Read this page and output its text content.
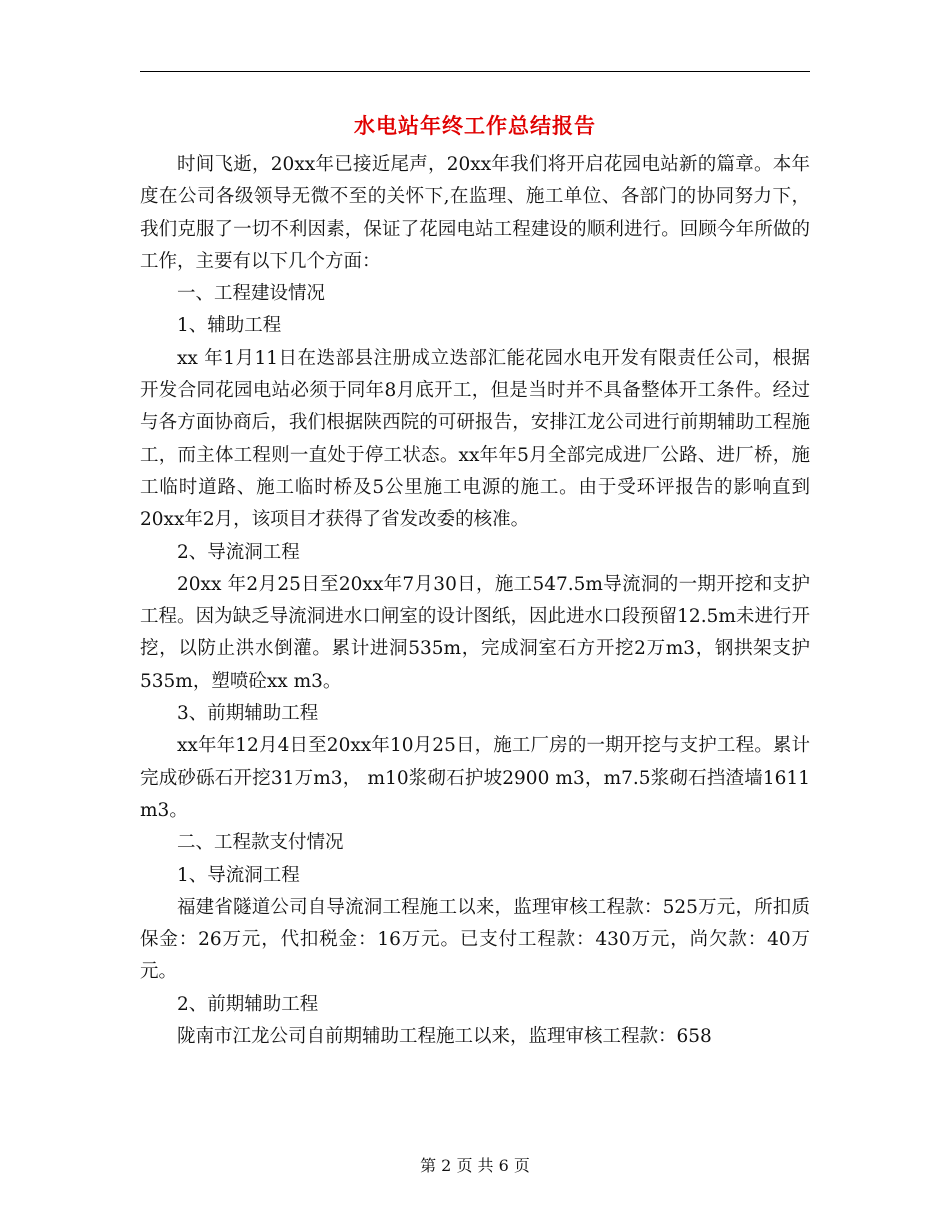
水电站年终工作总结报告

时间飞逝，20xx年已接近尾声，20xx年我们将开启花园电站新的篇章。本年度在公司各级领导无微不至的关怀下,在监理、施工单位、各部门的协同努力下，我们克服了一切不利因素，保证了花园电站工程建设的顺利进行。回顾今年所做的工作，主要有以下几个方面：

一、工程建设情况

1、辅助工程

xx 年1月11日在迭部县注册成立迭部汇能花园水电开发有限责任公司，根据开发合同花园电站必须于同年8月底开工，但是当时并不具备整体开工条件。经过与各方面协商后，我们根据陕西院的可研报告，安排江龙公司进行前期辅助工程施工，而主体工程则一直处于停工状态。xx年年5月全部完成进厂公路、进厂桥，施工临时道路、施工临时桥及5公里施工电源的施工。由于受环评报告的影响直到20xx年2月，该项目才获得了省发改委的核准。

2、导流洞工程

20xx 年2月25日至20xx年7月30日，施工547.5m导流洞的一期开挖和支护工程。因为缺乏导流洞进水口闸室的设计图纸，因此进水口段预留12.5m未进行开挖，以防止洪水倒灌。累计进洞535m，完成洞室石方开挖2万m3，钢拱架支护535m，塑喷砼xx m3。

3、前期辅助工程

xx年年12月4日至20xx年10月25日，施工厂房的一期开挖与支护工程。累计完成砂砾石开挖31万m3， m10浆砌石护坡2900 m3，m7.5浆砌石挡渣墙1611 m3。

二、工程款支付情况

1、导流洞工程

福建省隧道公司自导流洞工程施工以来，监理审核工程款：525万元，所扣质保金：26万元，代扣税金：16万元。已支付工程款：430万元，尚欠款：40万元。

2、前期辅助工程

陇南市江龙公司自前期辅助工程施工以来，监理审核工程款：658

第 2 页 共 6 页
